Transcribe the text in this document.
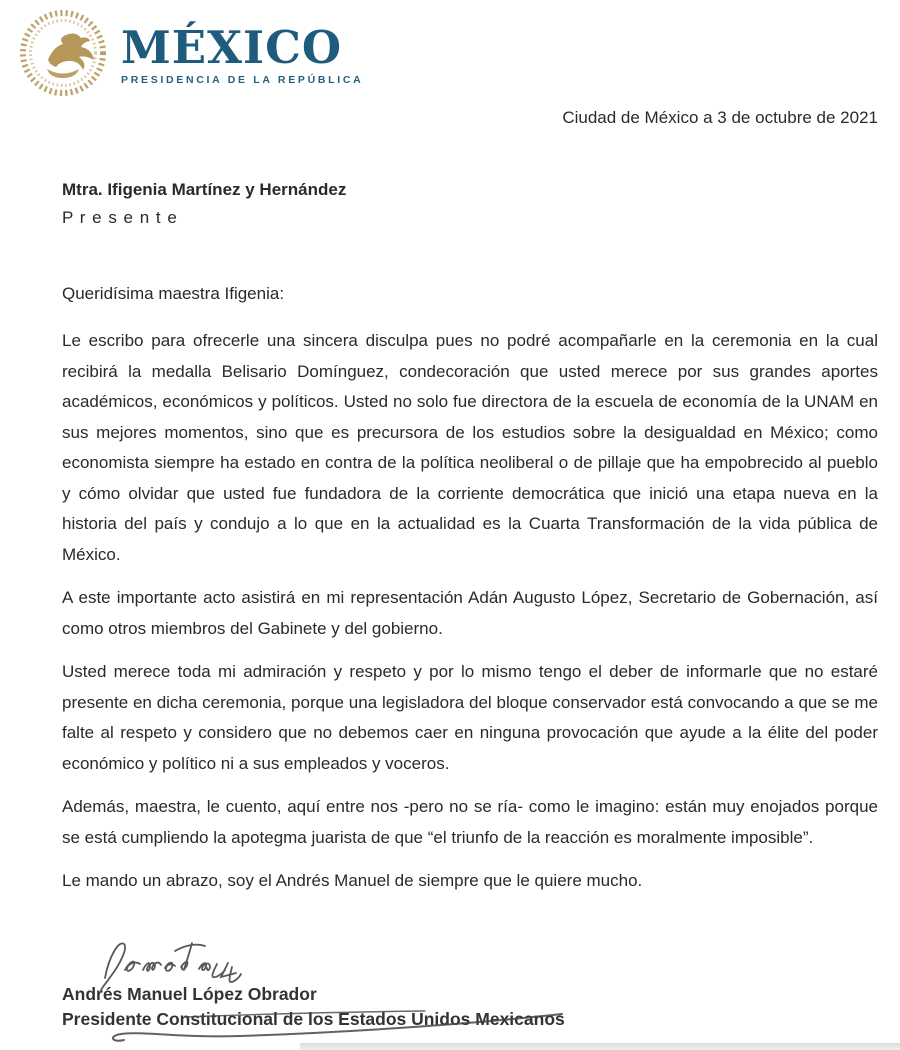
MÉXICO
PRESIDENCIA DE LA REPÚBLICA
Ciudad de México a 3 de octubre de 2021
Mtra. Ifigenia Martínez y Hernández
P r e s e n t e
Queridísima maestra Ifigenia:

Le escribo para ofrecerle una sincera disculpa pues no podré acompañarle en la ceremonia en la cual recibirá la medalla Belisario Domínguez, condecoración que usted merece por sus grandes aportes académicos, económicos y políticos. Usted no solo fue directora de la escuela de economía de la UNAM en sus mejores momentos, sino que es precursora de los estudios sobre la desigualdad en México; como economista siempre ha estado en contra de la política neoliberal o de pillaje que ha empobrecido al pueblo y cómo olvidar que usted fue fundadora de la corriente democrática que inició una etapa nueva en la historia del país y condujo a lo que en la actualidad es la Cuarta Transformación de la vida pública de México.

A este importante acto asistirá en mi representación Adán Augusto López, Secretario de Gobernación, así como otros miembros del Gabinete y del gobierno.

Usted merece toda mi admiración y respeto y por lo mismo tengo el deber de informarle que no estaré presente en dicha ceremonia, porque una legisladora del bloque conservador está convocando a que se me falte al respeto y considero que no debemos caer en ninguna provocación que ayude a la élite del poder económico y político ni a sus empleados y voceros.

Además, maestra, le cuento, aquí entre nos -pero no se ría- como le imagino: están muy enojados porque se está cumpliendo la apotegma juarista de que “el triunfo de la reacción es moralmente imposible”.

Le mando un abrazo, soy el Andrés Manuel de siempre que le quiere mucho.

Andrés Manuel López Obrador
Presidente Constitucional de los Estados Unidos Mexicanos
